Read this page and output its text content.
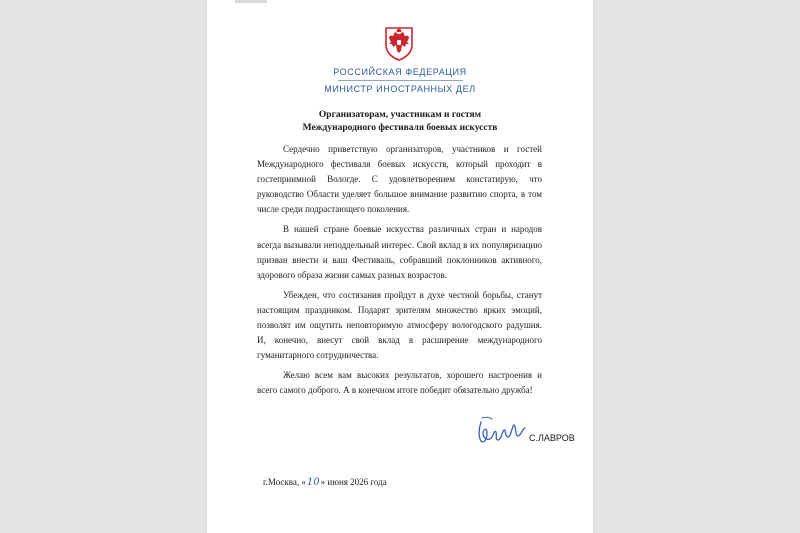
РОССИЙСКАЯ ФЕДЕРАЦИЯ
МИНИСТР ИНОСТРАННЫХ ДЕЛ
Организаторам, участникам и гостям
Международного фестиваля боевых искусств

Сердечно приветствую организаторов, участников и гостей Международного фестиваля боевых искусств, который проходит в гостеприимной Вологде. С удовлетворением констатирую, что руководство Области уделяет большое внимание развитию спорта, в том числе среди подрастающего поколения.

В нашей стране боевые искусства различных стран и народов всегда вызывали неподдельный интерес. Свой вклад в их популяризацию призван внести и ваш Фестиваль, собравший поклонников активного, здорового образа жизни самых разных возрастов.

Убежден, что состязания пройдут в духе честной борьбы, станут настоящим праздником. Подарят зрителям множество ярких эмоций, позволят им ощутить неповторимую атмосферу вологодского радушия. И, конечно, внесут свой вклад в расширение международного гуманитарного сотрудничества.

Желаю всем вам высоких результатов, хорошего настроения и всего самого доброго. А в конечном итоге победит обязательно дружба!

С.ЛАВРОВ
г.Москва, «10» июня 2026 года
